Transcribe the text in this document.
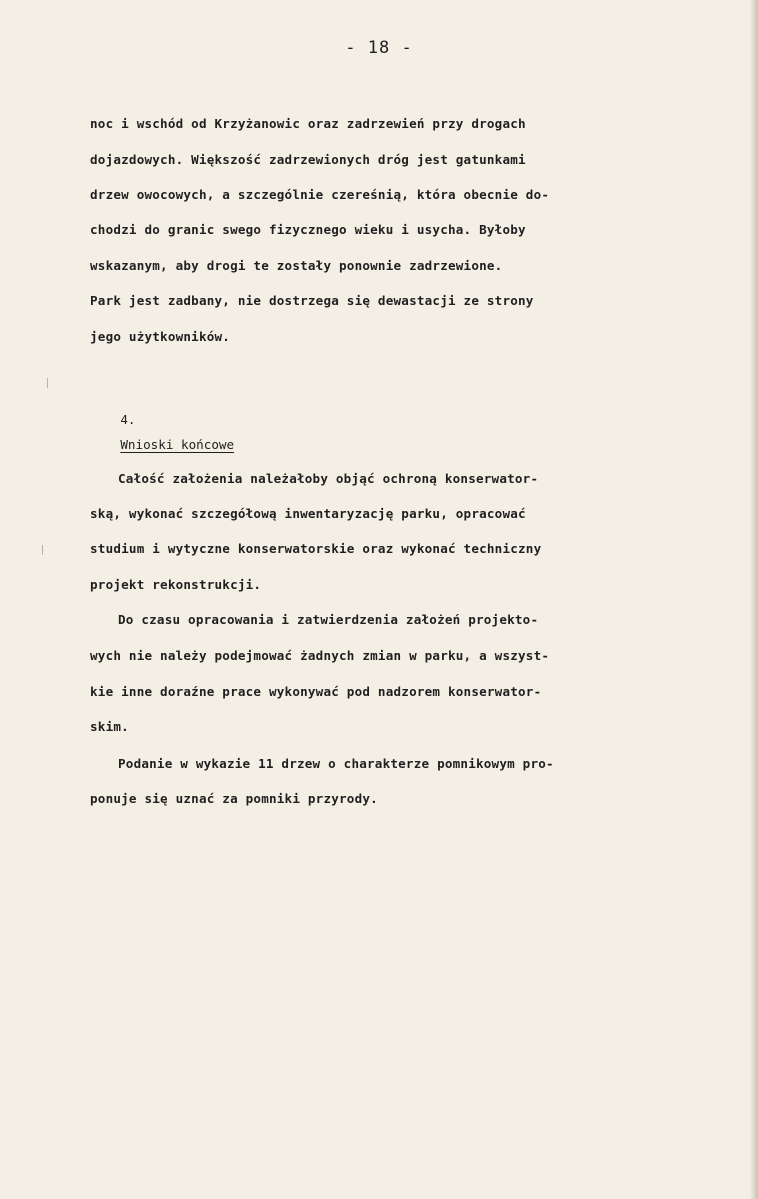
- 18 -
noc i wschód od Krzyżanowic oraz zadrzewień przy drogach
dojazdowych. Większość zadrzewionych dróg jest gatunkami
drzew owocowych, a szczególnie czereśnią, która obecnie do-
chodzi do granic swego fizycznego wieku i usycha. Byłoby
wskazanym, aby drogi te zostały ponownie zadrzewione.
Park jest zadbany, nie dostrzega się dewastacji ze strony
jego użytkowników.

4.

Wnioski końcowe

Całość założenia należałoby objąć ochroną konserwator-
ską, wykonać szczegółową inwentaryzację parku, opracować
studium i wytyczne konserwatorskie oraz wykonać techniczny
projekt rekonstrukcji.
Do czasu opracowania i zatwierdzenia założeń projekto-
wych nie należy podejmować żadnych zmian w parku, a wszyst-
kie inne doraźne prace wykonywać pod nadzorem konserwator-
skim.
Podanie w wykazie 11 drzew o charakterze pomnikowym pro-
ponuje się uznać za pomniki przyrody.
